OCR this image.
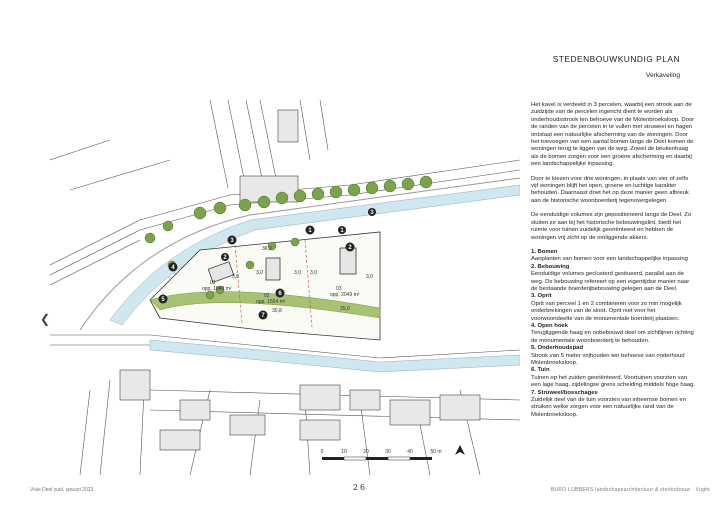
STEDENBOUWKUNDIG PLAN
Verkaveling
❮
01
02
03
opp. 1049 m²
opp. 1564 m²
opp. 2049 m²
3,0
3,0 3,0
3,0
3,0
36,2
30,8	35,0
1
2
3
4
5
6
7
2
1
3
0	10	20	30	40	50 m

Het kavel is verdeeld in 3 percelen, waarbij een strook aan de zuidzijde van de percelen ingericht dient te worden als onderhoudsstrook ten behoeve van de Molenbroeksloop. Door de randen van de percelen in te vullen met struweel en hagen ontstaat een natuurlijke afscherming van de woningen. Door het toevoegen van een aantal bomen langs de Deel komen de woningen terug te liggen van de weg. Zowel de beukenhaag als de bomen zorgen voor een groene afscherming en daarbij een landschappelijke inpassing.

Door te kiezen voor drie woningen, in plaats van vier of zelfs vijf woningen blijft het open, groene en luchtige karakter behouden. Daarnaast doet het op deze manier geen afbreuk aan de historische woonboerderij tegenovergelegen.

De eenduidige volumes zijn gepositioneerd langs de Deel. Zo sluiten ze aan bij het historische bebouwingslint, biedt het ruimte voor tuinen zuidelijk georiënteerd en hebben de woningen vrij zicht op de omliggende akkers.

1. Bomen
Aanplanten van bomen voor een landschappelijke inpassing
2. Bebouwing
Eenduidige volumes geclusterd gesitueerd, parallel aan de weg. De bebouwing refereert op een eigentijdse manier naar de bestaande boerderijbebouwing gelegen aan de Deel.
3. Oprit
Oprit van perceel 1 en 2 combineren voor zo min mogelijk onderbrekingen van de sloot. Oprit niet voor het voorwoondeelte van de monumentale boerderij plaatsen.
4. Open hoek
Terugliggende haag en onbebouwd deel om zichtlijnen richting de monumentale woonboerderij te behouden.
5. Onderhoudspad
Strook van 5 meter vrijhouden ten behoeve van onderhoud Molenbroeksloop.
6. Tuin
Tuinen op het zuiden georiënteerd. Voortuinen voorzien van een lage haag, zijdelingse grens scheiding middels hoge haag.
7. Struweel/bosschages
Zuidelijk deel van de tuin voorzien van inheemse bomen en struiken welke zorgen voor een natuurlijke rand van de Molenbroeksloop.
Visie Deel zuid, januari 2023	26	BURO LUBBERS landschapsarchitectuur & stedenbouw · Vught
